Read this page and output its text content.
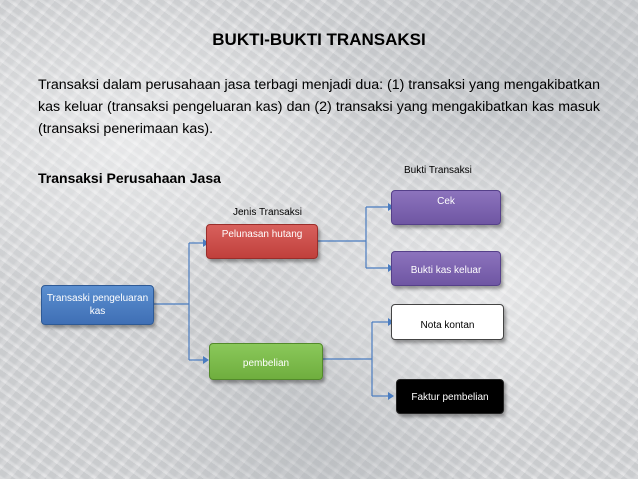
BUKTI-BUKTI TRANSAKSI
Transaksi dalam perusahaan jasa terbagi menjadi dua: (1) transaksi yang mengakibatkan kas keluar (transaksi pengeluaran kas) dan (2) transaksi yang mengakibatkan kas masuk (transaksi penerimaan kas).
Transaksi Perusahaan Jasa
Jenis Transaksi
Bukti Transaksi
Transaski pengeluaran kas
Pelunasan hutang
pembelian
Cek
Bukti kas keluar
Nota kontan
Faktur pembelian
